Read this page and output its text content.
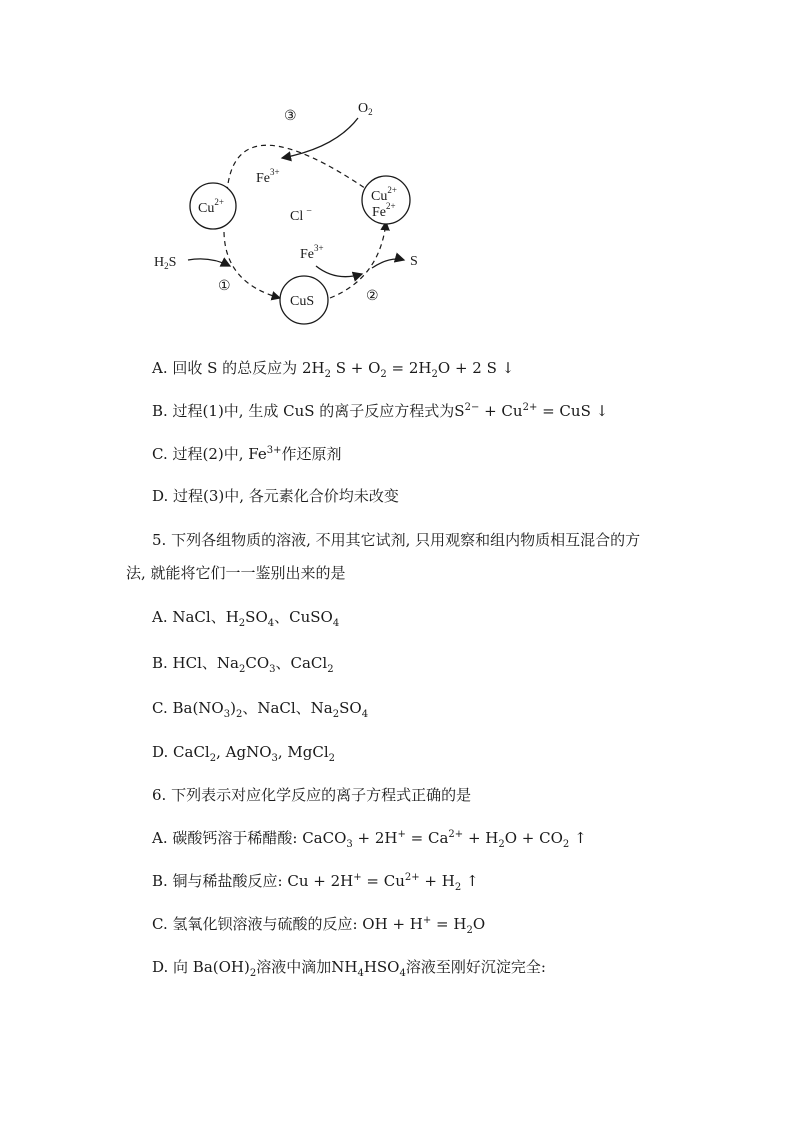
③
①
②
$O_2$
$Fe^{3+}$
$Cu^{2+}$	$Cu^{2+}$
$Fe^{2+}$
Cl −
$H_2S$
$Fe^{3+}$
CuS
S
A. 回收 S 的总反应为 $2H_2$ $S + O_2 = 2H_2O + 2$ S ↓
B. 过程(1)中, 生成 CuS 的离子反应方程式为$S^{2-} + Cu^{2+}$ = CuS ↓
C. 过程(2)中, $Fe^{3+}$作还原剂
D. 过程(3)中, 各元素化合价均未改变
5. 下列各组物质的溶液, 不用其它试剂, 只用观察和组内物质相互混合的方
法, 就能将它们一一鉴别出来的是
A. NaCl、$H_2SO_4$、CuSO$_4$
B. HCl、$Na_2CO_3$、CaCl$_2$
C. $Ba(NO_3)_2$、NaCl、$Na_2SO_4$
D. CaCl$_2$, AgNO$_3$, MgCl$_2$
6. 下列表示对应化学反应的离子方程式正确的是
A. 碳酸钙溶于稀醋酸: CaCO$_3$ + $2H^+ = Ca^{2+} + H_2O + CO_2$ ↑
B. 铜与稀盐酸反应: $Cu + 2H^+ = Cu^{2+} + H_2$ ↑
C. 氢氧化钡溶液与硫酸的反应: OH + $H^+ = H_2O$
D. 向 $Ba(OH)_2$溶液中滴加$NH_4HSO_4$溶液至刚好沉淀完全:
